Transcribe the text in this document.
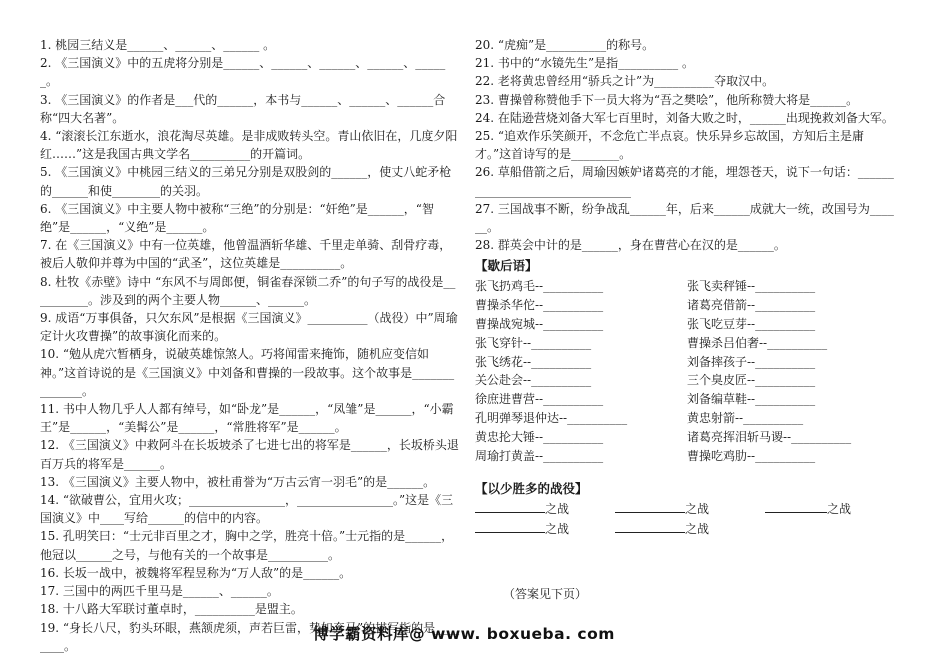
1. 桃园三结义是______、______、______ 。

2. 《三国演义》中的五虎将分别是______、______、______、______、______。

3. 《三国演义》的作者是___代的______，本书与______、______、______合称“四大名著”。

4. “滚滚长江东逝水，浪花淘尽英雄。是非成败转头空。青山依旧在，几度夕阳红……”这是我国古典文学名__________的开篇词。

5. 《三国演义》中桃园三结义的三弟兄分别是双股剑的______，使丈八蛇矛枪的______和使________的关羽。

6. 《三国演义》中主要人物中被称“三绝”的分别是：“奸绝”是______，“智绝”是______，“义绝”是______。

7. 在《三国演义》中有一位英雄，他曾温酒斩华雄、千里走单骑、刮骨疗毒，被后人敬仰并尊为中国的“武圣”，这位英雄是__________。

8. 杜牧《赤壁》诗中 “东风不与周郎便，铜雀春深锁二乔”的句子写的战役是__________。涉及到的两个主要人物______、______。

9. 成语“万事俱备，只欠东风”是根据《三国演义》__________（战役）中”周瑜定计火攻曹操”的故事演化而来的。

10. “勉从虎穴暂栖身，说破英雄惊煞人。巧将闻雷来掩饰，随机应变信如神。”这首诗说的是《三国演义》中刘备和曹操的一段故事。这个故事是______________。

11. 书中人物几乎人人都有绰号，如“卧龙”是______，“凤雏”是______，“小霸王”是______，“美髯公”是______，“常胜将军”是______。

12. 《三国演义》中救阿斗在长坂坡杀了七进七出的将军是______，长坂桥头退百万兵的将军是______。

13. 《三国演义》主要人物中，被杜甫誉为“万古云宵一羽毛”的是______。

14. “欲破曹公，宜用火攻；________________，________________。”这是《三国演义》中____写给______的信中的内容。

15. 孔明笑曰：“士元非百里之才，胸中之学，胜亮十倍。”士元指的是______，他冠以______之号，与他有关的一个故事是__________。

16. 长坂一战中，被魏将军程昱称为“万人敌”的是______。

17. 三国中的两匹千里马是______、______。

18. 十八路大军联讨董卓时，__________是盟主。

19. “身长八尺，豹头环眼，燕颔虎须，声若巨雷，势如奔马”的描写指的是________。

20. “虎痴”是__________的称号。

21. 书中的“水镜先生”是指__________ 。

22. 老将黄忠曾经用“骄兵之计”为__________夺取汉中。

23. 曹操曾称赞他手下一员大将为“吾之樊哙”，他所称赞大将是______。

24. 在陆逊营烧刘备大军七百里时，刘备大败之时，______出现挽救刘备大军。

25. “追欢作乐笑颜开，不念危亡半点哀。快乐异乡忘故国，方知后主是庸才。”这首诗写的是________。

26. 草船借箭之后，周瑜因嫉妒诸葛亮的才能，埋怨苍天，说下一句话：________________________________

27. 三国战事不断，纷争战乱______年，后来______成就大一统，改国号为______。

28. 群英会中计的是______，身在曹营心在汉的是______。

【歇后语】
张飞扔鸡毛--__________	张飞卖秤锤--__________
曹操杀华佗--__________	诸葛亮借箭--__________
曹操战宛城--__________	张飞吃豆芽--__________
张飞穿针--__________	曹操杀吕伯奢--__________
张飞绣花--__________	刘备摔孩子--__________
关公赴会--__________	三个臭皮匠--__________
徐庶进曹营--__________	刘备编草鞋--__________
孔明弹琴退仲达--__________	黄忠射箭--__________
黄忠抡大锤--__________	诸葛亮挥泪斩马谡--__________
周瑜打黄盖--__________	曹操吃鸡肋--__________
【以少胜多的战役】
之战	之战	之战
之战	之战
（答案见下页）
博学霸资料库@ www. boxueba. com
